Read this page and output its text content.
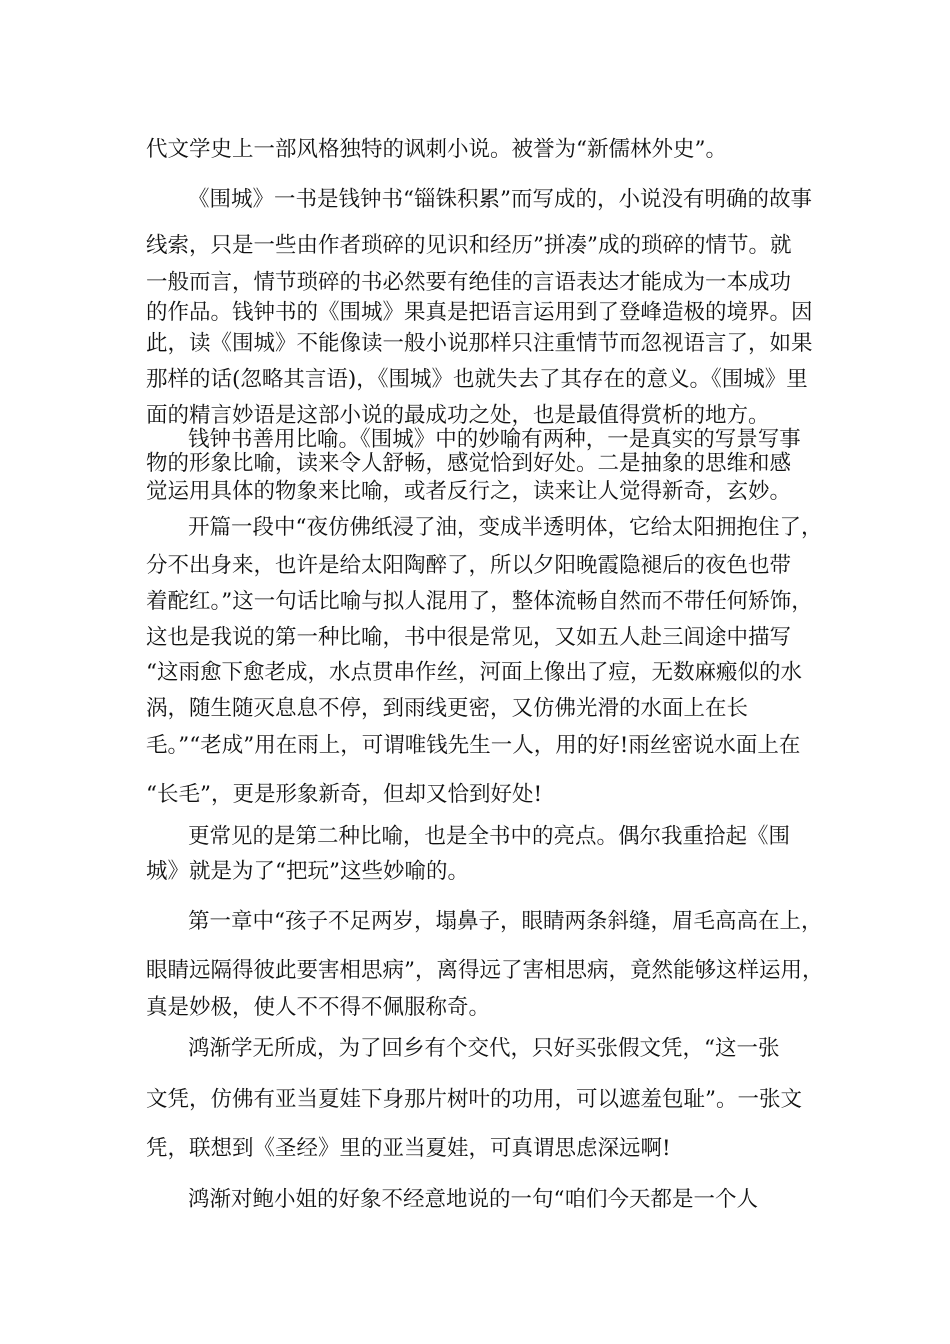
代文学史上一部风格独特的讽刺小说。被誉为“新儒林外史”。

《围城》一书是钱钟书“锱铢积累”而写成的，小说没有明确的故事

线索，只是一些由作者琐碎的见识和经历”拼凑”成的琐碎的情节。就

一般而言，情节琐碎的书必然要有绝佳的言语表达才能成为一本成功

的作品。钱钟书的《围城》果真是把语言运用到了登峰造极的境界。因

此，读《围城》不能像读一般小说那样只注重情节而忽视语言了，如果

那样的话(忽略其言语)，《围城》也就失去了其存在的意义。《围城》里

面的精言妙语是这部小说的最成功之处，也是最值得赏析的地方。

钱钟书善用比喻。《围城》中的妙喻有两种，一是真实的写景写事

物的形象比喻，读来令人舒畅，感觉恰到好处。二是抽象的思维和感

觉运用具体的物象来比喻，或者反行之，读来让人觉得新奇，玄妙。

开篇一段中“夜仿佛纸浸了油，变成半透明体，它给太阳拥抱住了，

分不出身来，也许是给太阳陶醉了，所以夕阳晚霞隐褪后的夜色也带

着酡红。”这一句话比喻与拟人混用了，整体流畅自然而不带任何矫饰，

这也是我说的第一种比喻，书中很是常见，又如五人赴三闾途中描写

“这雨愈下愈老成，水点贯串作丝，河面上像出了痘，无数麻瘢似的水

涡，随生随灭息息不停，到雨线更密，又仿佛光滑的水面上在长

毛。”“老成”用在雨上，可谓唯钱先生一人，用的好!雨丝密说水面上在

“长毛”，更是形象新奇，但却又恰到好处!

更常见的是第二种比喻，也是全书中的亮点。偶尔我重拾起《围

城》就是为了“把玩”这些妙喻的。

第一章中“孩子不足两岁，塌鼻子，眼睛两条斜缝，眉毛高高在上，

眼睛远隔得彼此要害相思病”，离得远了害相思病，竟然能够这样运用，

真是妙极，使人不不得不佩服称奇。

鸿渐学无所成，为了回乡有个交代，只好买张假文凭，“这一张

文凭，仿佛有亚当夏娃下身那片树叶的功用，可以遮羞包耻”。一张文

凭，联想到《圣经》里的亚当夏娃，可真谓思虑深远啊!

鸿渐对鲍小姐的好象不经意地说的一句“咱们今天都是一个人
